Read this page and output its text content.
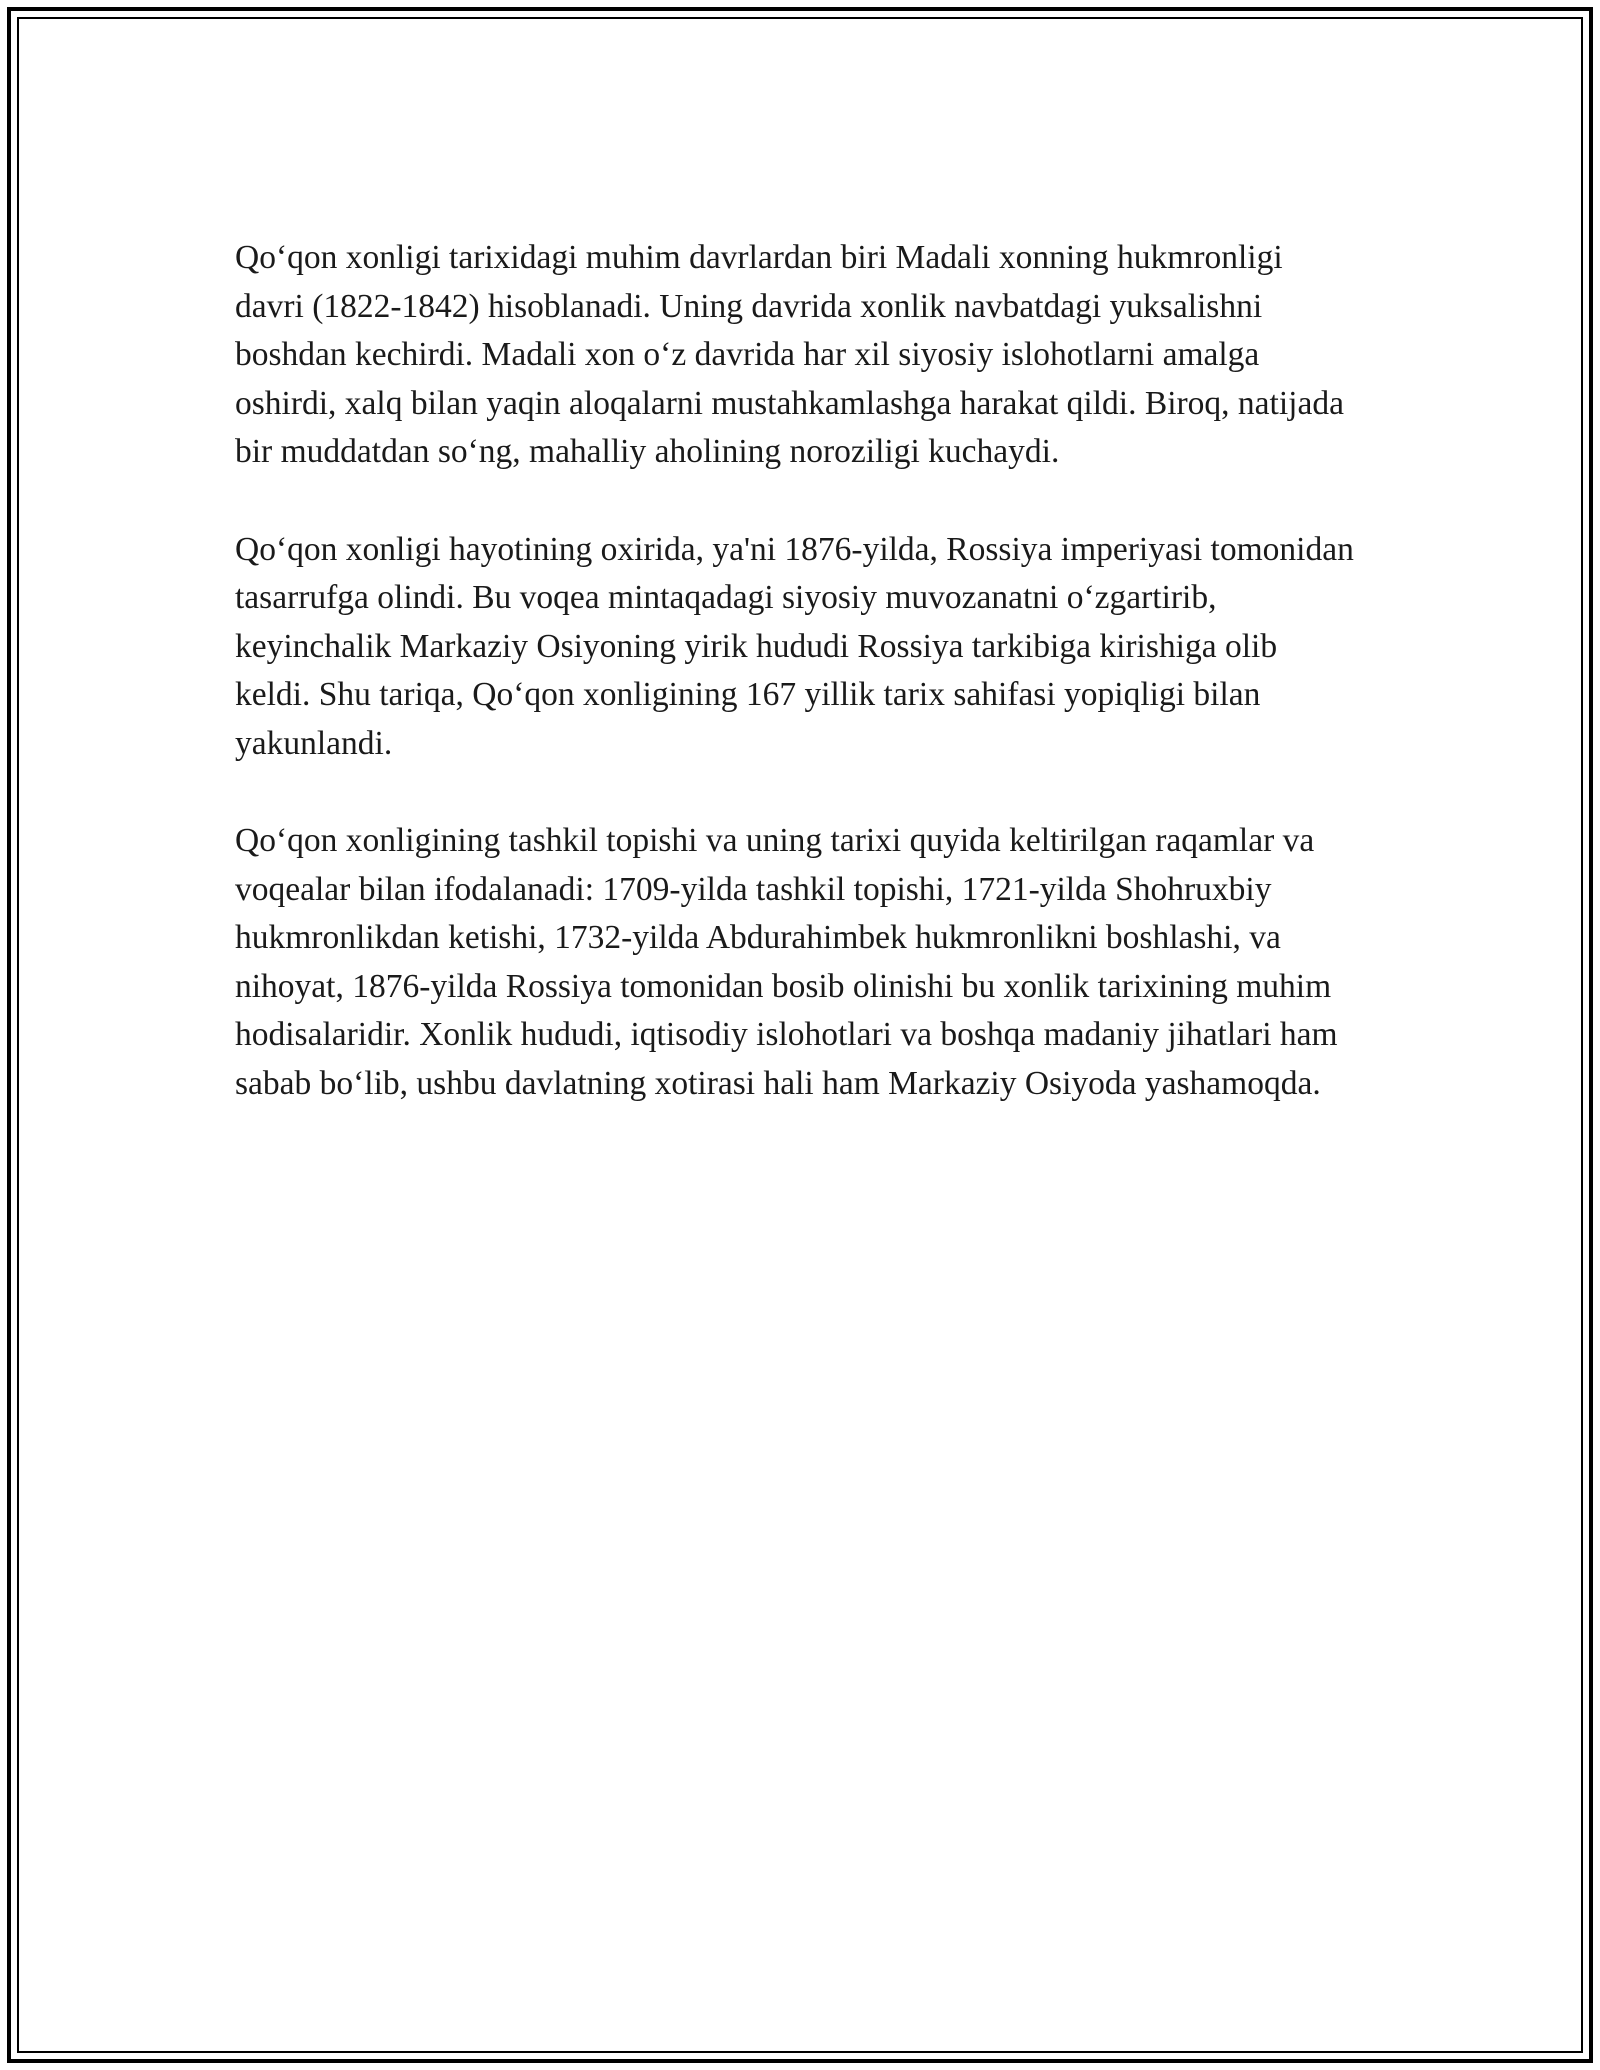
Qo‘qon xonligi tarixidagi muhim davrlardan biri Madali xonning hukmronligi davri (1822-1842) hisoblanadi. Uning davrida xonlik navbatdagi yuksalishni boshdan kechirdi. Madali xon o‘z davrida har xil siyosiy islohotlarni amalga oshirdi, xalq bilan yaqin aloqalarni mustahkamlashga harakat qildi. Biroq, natijada bir muddatdan so‘ng, mahalliy aholining noroziligi kuchaydi.

Qo‘qon xonligi hayotining oxirida, ya'ni 1876-yilda, Rossiya imperiyasi tomonidan tasarrufga olindi. Bu voqea mintaqadagi siyosiy muvozanatni o‘zgartirib, keyinchalik Markaziy Osiyoning yirik hududi Rossiya tarkibiga kirishiga olib keldi. Shu tariqa, Qo‘qon xonligining 167 yillik tarix sahifasi yopiqligi bilan yakunlandi.

Qo‘qon xonligining tashkil topishi va uning tarixi quyida keltirilgan raqamlar va voqealar bilan ifodalanadi: 1709-yilda tashkil topishi, 1721-yilda Shohruxbiy hukmronlikdan ketishi, 1732-yilda Abdurahimbek hukmronlikni boshlashi, va nihoyat, 1876-yilda Rossiya tomonidan bosib olinishi bu xonlik tarixining muhim hodisalaridir. Xonlik hududi, iqtisodiy islohotlari va boshqa madaniy jihatlari ham sabab bo‘lib, ushbu davlatning xotirasi hali ham Markaziy Osiyoda yashamoqda.
